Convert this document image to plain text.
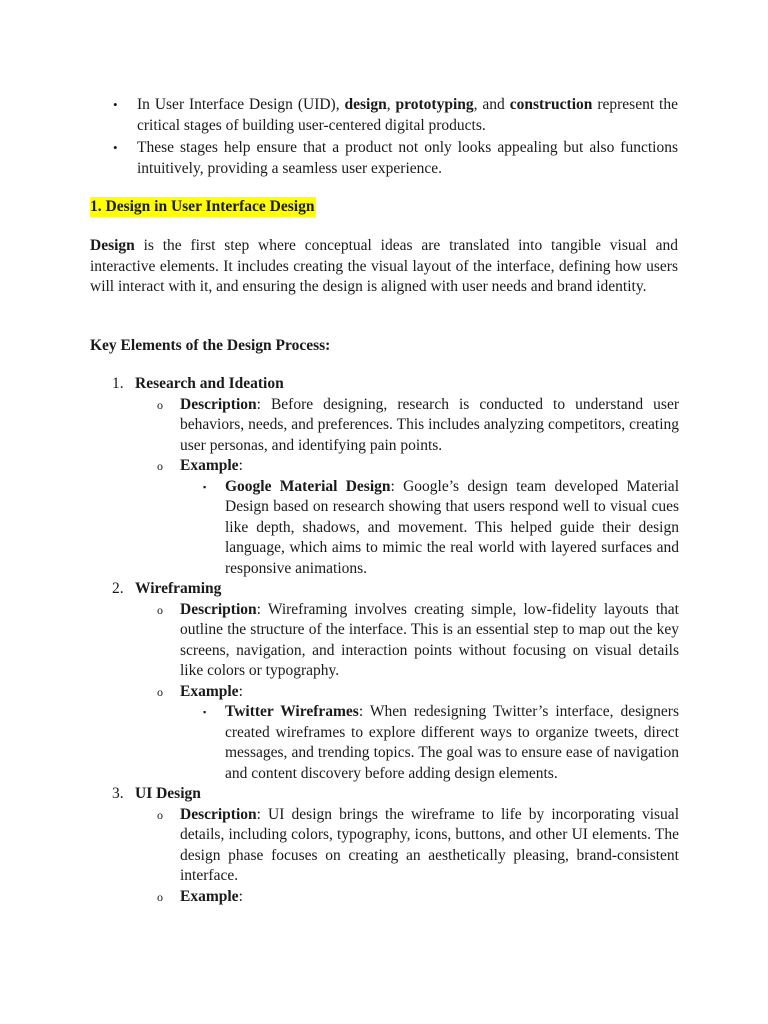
• In User Interface Design (UID), design, prototyping, and construction represent the critical stages of building user-centered digital products.
• These stages help ensure that a product not only looks appealing but also functions intuitively, providing a seamless user experience.
1. Design in User Interface Design

Design is the first step where conceptual ideas are translated into tangible visual and interactive elements. It includes creating the visual layout of the interface, defining how users will interact with it, and ensuring the design is aligned with user needs and brand identity.

Key Elements of the Design Process:
1. Research and Ideation
o Description: Before designing, research is conducted to understand user behaviors, needs, and preferences. This includes analyzing competitors, creating user personas, and identifying pain points.
o Example:
▪ Google Material Design: Google’s design team developed Material Design based on research showing that users respond well to visual cues like depth, shadows, and movement. This helped guide their design language, which aims to mimic the real world with layered surfaces and responsive animations.
2. Wireframing
o Description: Wireframing involves creating simple, low-fidelity layouts that outline the structure of the interface. This is an essential step to map out the key screens, navigation, and interaction points without focusing on visual details like colors or typography.
o Example:
▪ Twitter Wireframes: When redesigning Twitter’s interface, designers created wireframes to explore different ways to organize tweets, direct messages, and trending topics. The goal was to ensure ease of navigation and content discovery before adding design elements.
3. UI Design
o Description: UI design brings the wireframe to life by incorporating visual details, including colors, typography, icons, buttons, and other UI elements. The design phase focuses on creating an aesthetically pleasing, brand-consistent interface.
o Example:
